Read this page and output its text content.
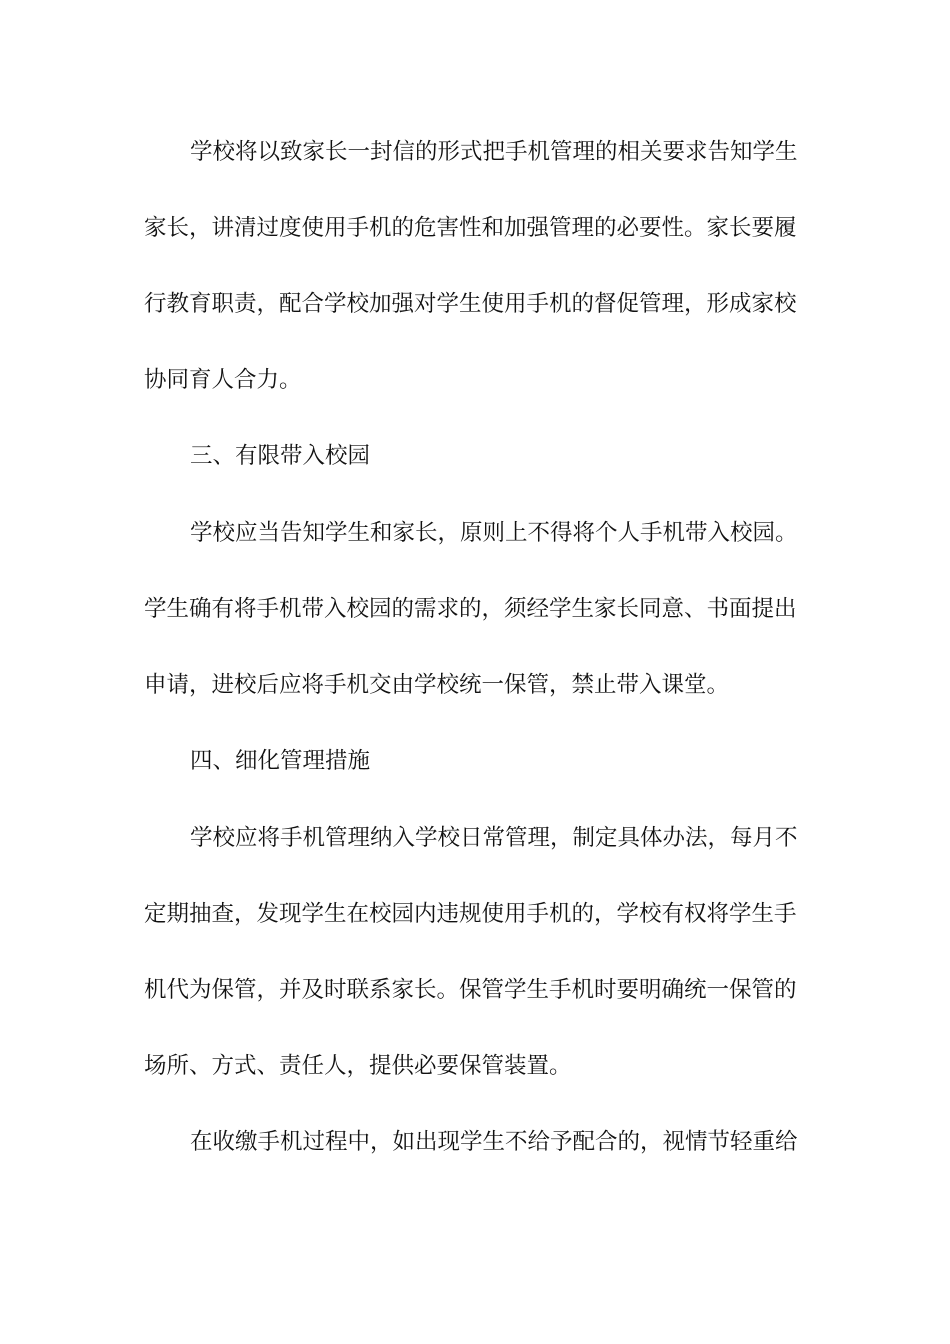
学校将以致家长一封信的形式把手机管理的相关要求告知学生

家长，讲清过度使用手机的危害性和加强管理的必要性。家长要履

行教育职责，配合学校加强对学生使用手机的督促管理，形成家校

协同育人合力。

三、有限带入校园

学校应当告知学生和家长，原则上不得将个人手机带入校园。

学生确有将手机带入校园的需求的，须经学生家长同意、书面提出

申请，进校后应将手机交由学校统一保管，禁止带入课堂。

四、细化管理措施

学校应将手机管理纳入学校日常管理，制定具体办法，每月不

定期抽查，发现学生在校园内违规使用手机的，学校有权将学生手

机代为保管，并及时联系家长。保管学生手机时要明确统一保管的

场所、方式、责任人，提供必要保管装置。

在收缴手机过程中，如出现学生不给予配合的，视情节轻重给
